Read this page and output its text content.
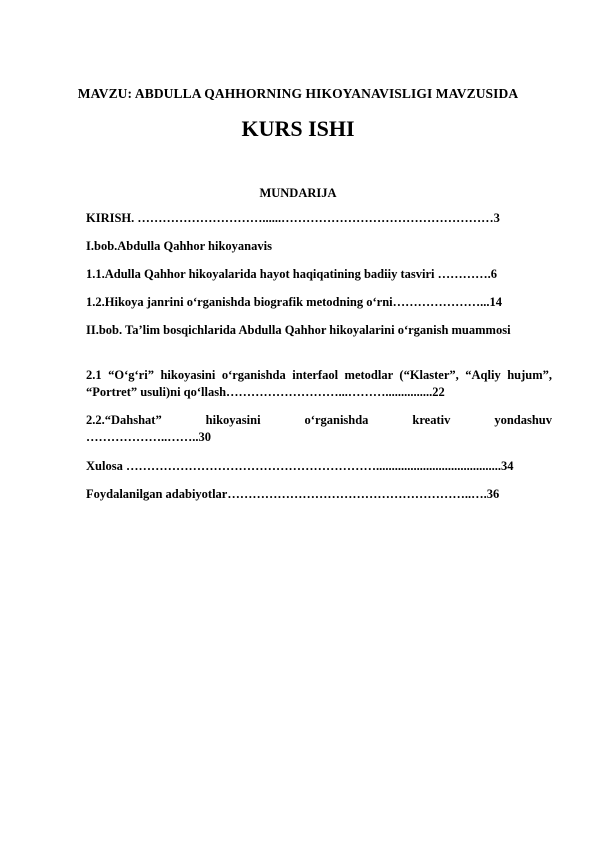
MAVZU: ABDULLA QAHHORNING HIKOYANAVISLIGI MAVZUSIDA
KURS ISHI
MUNDARIJA
KIRISH. …………………………......……………………………………………3
I.bob.Abdulla Qahhor hikoyanavis
1.1.Adulla Qahhor hikoyalarida hayot haqiqatining badiiy tasviri ………….6
1.2.Hikoya janrini o‘rganishda biografik metodning o‘rni…………………...14
II.bob. Ta’lim bosqichlarida Abdulla Qahhor hikoyalarini o‘rganish muammosi
2.1 “O‘g‘ri” hikoyasini o‘rganishda interfaol metodlar (“Klaster”, “Aqliy hujum”, “Portret” usuli)ni qo‘llash………………………...………...............22
2.2.“Dahshat” hikoyasini o‘rganishda kreativ yondashuv
………………..……..30
Xulosa ……………………………………………………........................................34
Foydalanilgan adabiyotlar…………………………………………………..….36
